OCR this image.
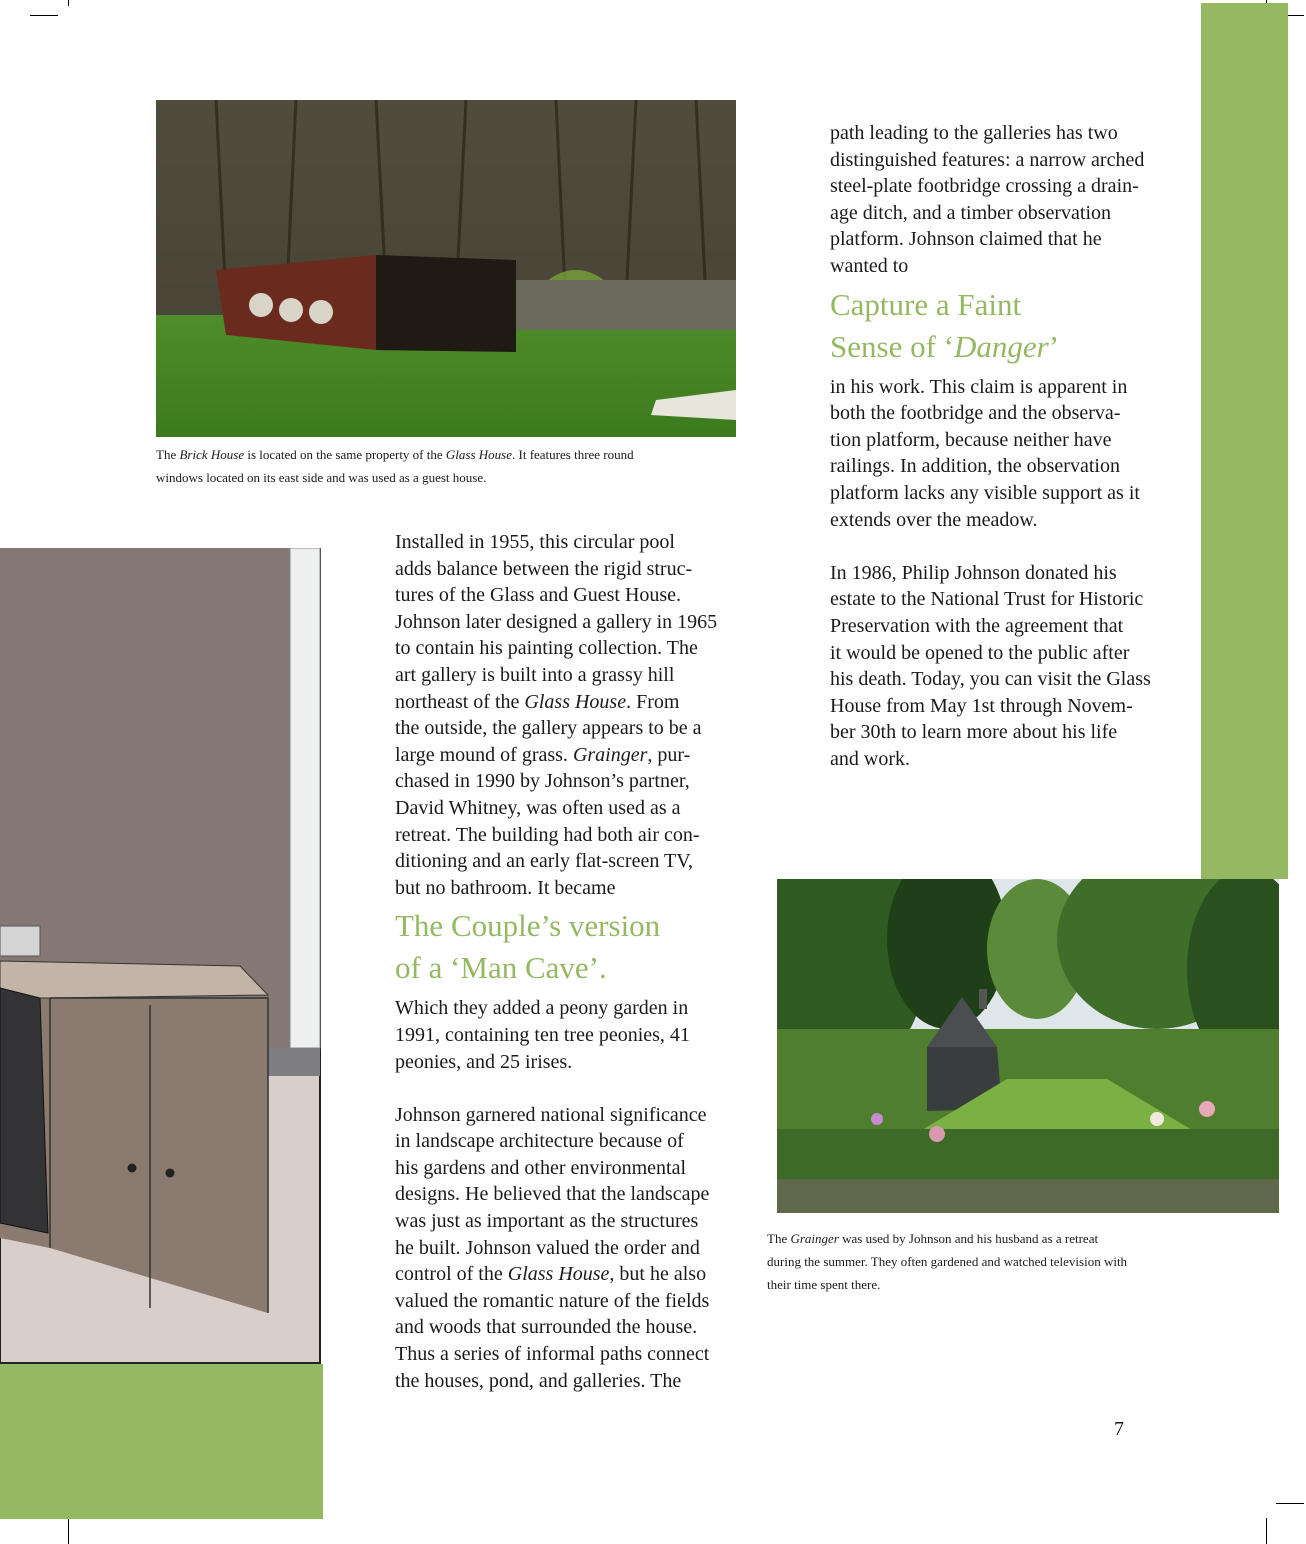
The Brick House is located on the same property of the Glass House. It features three round
windows located on its east side and was used as a guest house.
Installed in 1955, this circular pool
adds balance between the rigid struc-
tures of the Glass and Guest House.
Johnson later designed a gallery in 1965
to contain his painting collection. The
art gallery is built into a grassy hill
northeast of the Glass House. From
the outside, the gallery appears to be a
large mound of grass. Grainger, pur-
chased in 1990 by Johnson’s partner,
David Whitney, was often used as a
retreat. The building had both air con-
ditioning and an early flat-screen TV,
but no bathroom. It became
The Couple’s version
of a ‘Man Cave’.
Which they added a peony garden in
1991, containing ten tree peonies, 41
peonies, and 25 irises.
Johnson garnered national significance
in landscape architecture because of
his gardens and other environmental
designs. He believed that the landscape
was just as important as the structures
he built. Johnson valued the order and
control of the Glass House, but he also
valued the romantic nature of the fields
and woods that surrounded the house.
Thus a series of informal paths connect
the houses, pond, and galleries. The
path leading to the galleries has two
distinguished features: a narrow arched
steel-plate footbridge crossing a drain-
age ditch, and a timber observation
platform. Johnson claimed that he
wanted to
Capture a Faint
Sense of ‘Danger’
in his work. This claim is apparent in
both the footbridge and the observa-
tion platform, because neither have
railings. In addition, the observation
platform lacks any visible support as it
extends over the meadow.
In 1986, Philip Johnson donated his
estate to the National Trust for Historic
Preservation with the agreement that
it would be opened to the public after
his death. Today, you can visit the Glass
House from May 1st through Novem-
ber 30th to learn more about his life
and work.
The Grainger was used by Johnson and his husband as a retreat
during the summer. They often gardened and watched television with
their time spent there.
7
